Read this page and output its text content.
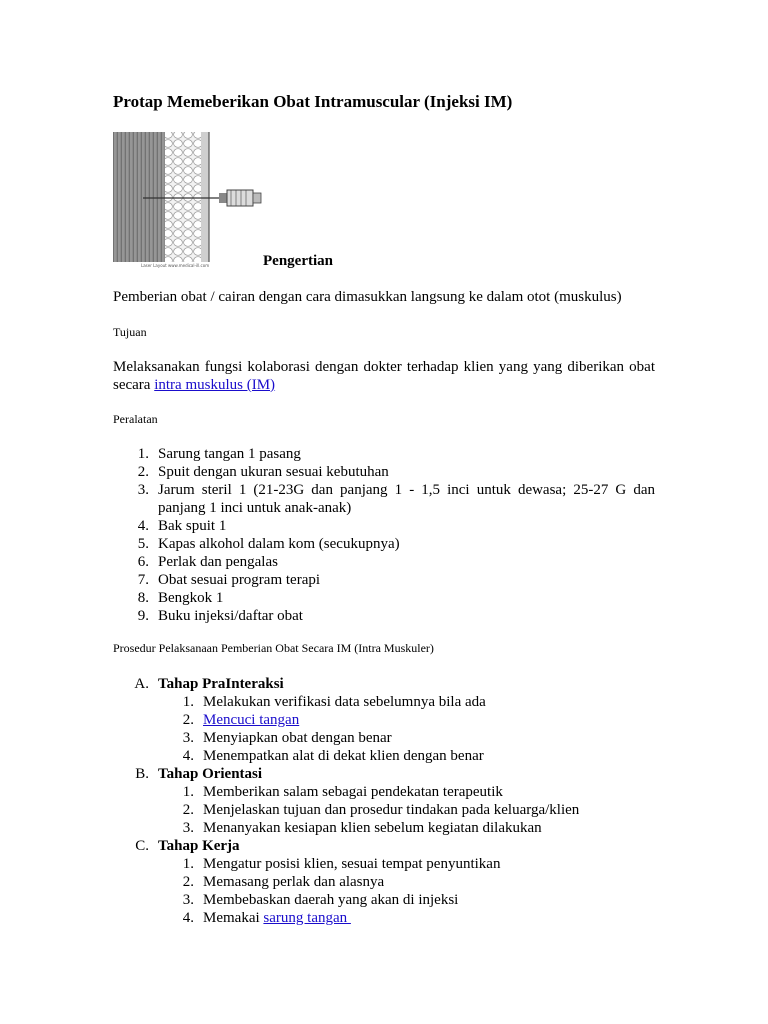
Protap Memeberikan Obat Intramuscular (Injeksi IM)
Laser Layout www.medical-ill.com	Pengertian
Pemberian obat / cairan dengan cara dimasukkan langsung ke dalam otot (muskulus)
Tujuan
Melaksanakan fungsi kolaborasi dengan dokter terhadap klien yang yang diberikan obat secara intra muskulus (IM)
Peralatan
1. Sarung tangan 1 pasang
2. Spuit dengan ukuran sesuai kebutuhan
3. Jarum steril 1 (21-23G dan panjang 1 - 1,5 inci untuk dewasa; 25-27 G dan panjang 1 inci untuk anak-anak)
4. Bak spuit 1
5. Kapas alkohol dalam kom (secukupnya)
6. Perlak dan pengalas
7. Obat sesuai program terapi
8. Bengkok 1
9. Buku injeksi/daftar obat
Prosedur Pelaksanaan Pemberian Obat Secara IM (Intra Muskuler)
A. Tahap PraInteraksi
1. Melakukan verifikasi data sebelumnya bila ada
2. Mencuci tangan
3. Menyiapkan obat dengan benar
4. Menempatkan alat di dekat klien dengan benar
B. Tahap Orientasi
1. Memberikan salam sebagai pendekatan terapeutik
2. Menjelaskan tujuan dan prosedur tindakan pada keluarga/klien
3. Menanyakan kesiapan klien sebelum kegiatan dilakukan
C. Tahap Kerja
1. Mengatur posisi klien, sesuai tempat penyuntikan
2. Memasang perlak dan alasnya
3. Membebaskan daerah yang akan di injeksi
4. Memakai sarung tangan
